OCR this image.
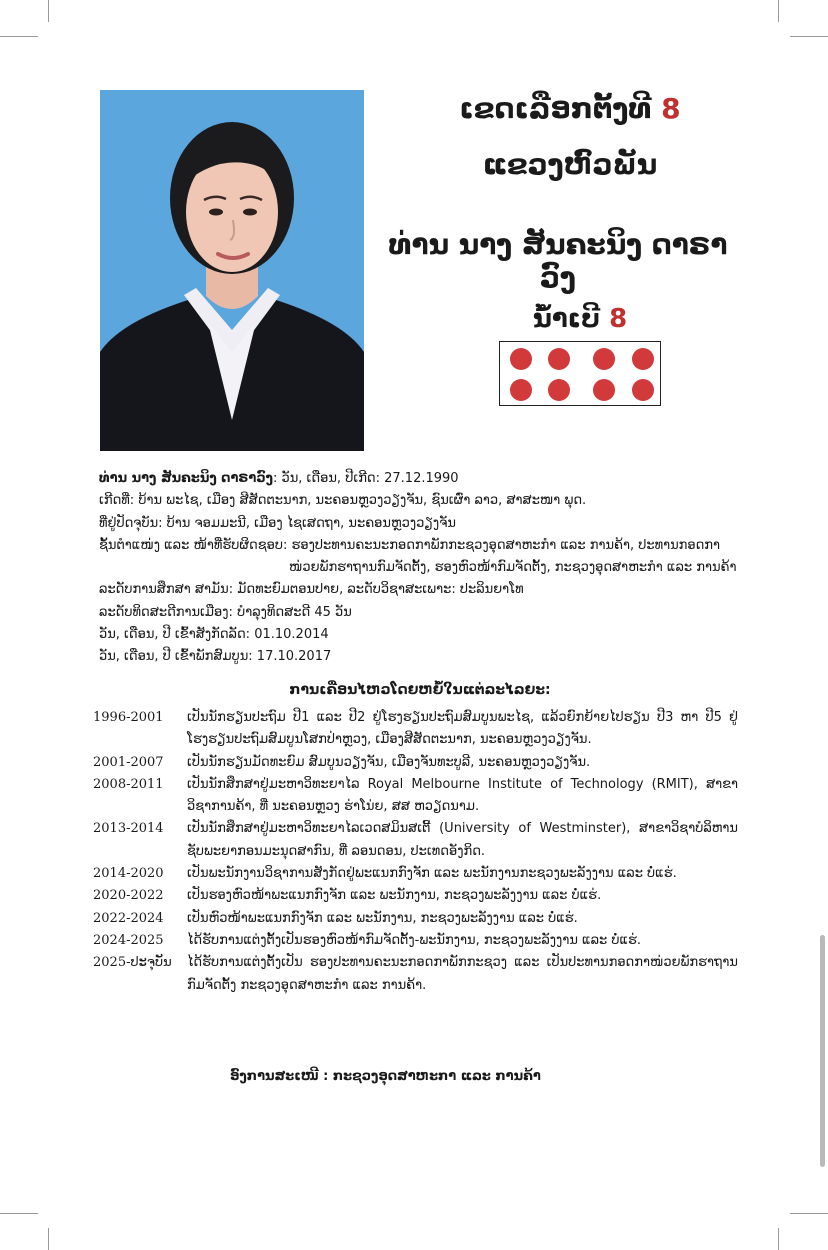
ເຂດເລືອກຕັ້ງທີ 8
ແຂວງຫົວພັນ
ທ່ານ ນາງ ສັນຄະນິງ ດາຣາວົງ
ນໍ້າເບີ 8
ທ່ານ ນາງ ສັນຄະນິງ ດາຣາວົງ: ວັນ, ເດືອນ, ປີເກີດ: 27.12.1990
ເກີດທີ່: ບ້ານ ພະໄຊ, ເມືອງ ສີສັດຕະນາກ, ນະຄອນຫຼວງວຽງຈັນ, ຊົນເຜົ່າ ລາວ, ສາສະໜາ ພຸດ.
ທີ່ຢູ່ປັດຈຸບັນ: ບ້ານ ຈອມມະນີ, ເມືອງ ໄຊເສດຖາ, ນະຄອນຫຼວງວຽງຈັນ
ຊັ້ນຕໍາແໜ່ງ ແລະ ໜ້າທີ່ຮັບຜິດຊອບ: ຮອງປະທານຄະນະກອດກາພັກກະຊວງອຸດສາຫະກໍາ ແລະ ການຄ້າ, ປະທານກອດກາ
ໜ່ວຍພັກຮາຖານກົມຈັດຕັ້ງ, ຮອງຫົວໜ້າກົມຈັດຕັ້ງ, ກະຊວງອຸດສາຫະກໍາ ແລະ ການຄ້າ
ລະດັບການສຶກສາ ສາມັນ: ມັດທະຍົມຕອນປາຍ, ລະດັບວິຊາສະເພາະ: ປະລິນຍາໂທ
ລະດັບທິດສະດີການເມືອງ: ບໍາລຸງທິດສະດີ 45 ວັນ
ວັນ, ເດືອນ, ປີ ເຂົ້າສັງກັດລັດ: 01.10.2014
ວັນ, ເດືອນ, ປີ ເຂົ້າພັກສົມບູນ: 17.10.2017
ການເຄື່ອນໄຫວໂດຍຫຍໍ້ໃນແຕ່ລະໄລຍະ:
1996-2001	ເປັນນັກຮຽນປະຖົມ ປີ1 ແລະ ປີ2 ຢູ່ໂຮງຮຽນປະຖົມສົມບູນພະໄຊ, ແລ້ວຍົກຍ້າຍໄປຮຽນ ປີ3 ຫາ ປີ5 ຢູ່ໂຮງຮຽນປະຖົມສົມບູນໂສກປ່າຫຼວງ, ເມືອງສີສັດຕະນາກ, ນະຄອນຫຼວງວຽງຈັນ.
2001-2007	ເປັນນັກຮຽນມັດທະຍົມ ສົມບູນວຽງຈັນ, ເມືອງຈັນທະບູລີ, ນະຄອນຫຼວງວຽງຈັນ.
2008-2011	ເປັນນັກສຶກສາຢູ່ມະຫາວິທະຍາໄລ Royal Melbourne Institute of Technology (RMIT), ສາຂາວິຊາການຄ້າ, ທີ່ ນະຄອນຫຼວງ ຮ່າໂນ່ຍ, ສສ ຫວຽດນາມ.
2013-2014	ເປັນນັກສຶກສາຢູ່ມະຫາວິທະຍາໄລເວດສມິນສເຕີ້ (University of Westminster), ສາຂາວິຊາບໍລິຫານຊັບພະຍາກອນມະນຸດສາກົນ, ທີ່ ລອນດອນ, ປະເທດອັງກິດ.
2014-2020	ເປັນພະນັກງານວິຊາການສັງກັດຢູ່ພະແນກກົງຈັກ ແລະ ພະນັກງານກະຊວງພະລັງງານ ແລະ ບໍ່ແຮ່.
2020-2022	ເປັນຮອງຫົວໜ້າພະແນກກົງຈັກ ແລະ ພະນັກງານ, ກະຊວງພະລັງງານ ແລະ ບໍ່ແຮ່.
2022-2024	ເປັນຫົວໜ້າພະແນກກົງຈັກ ແລະ ພະນັກງານ, ກະຊວງພະລັງງານ ແລະ ບໍ່ແຮ່.
2024-2025	ໄດ້ຮັບການແຕ່ງຕັ້ງເປັນຮອງຫົວໜ້າກົມຈັດຕັ້ງ-ພະນັກງານ, ກະຊວງພະລັງງານ ແລະ ບໍ່ແຮ່.
2025-ປະຈຸບັນ	ໄດ້ຮັບການແຕ່ງຕັ້ງເປັນ ຮອງປະທານຄະນະກອດກາພັກກະຊວງ ແລະ ເປັນປະທານກອດກາໜ່ວຍພັກຮາຖານກົມຈັດຕັ້ງ ກະຊວງອຸດສາຫະກໍາ ແລະ ການຄ້າ.
ອົງການສະເໜີ : ກະຊວງອຸດສາຫະກາ ແລະ ການຄ້າ
